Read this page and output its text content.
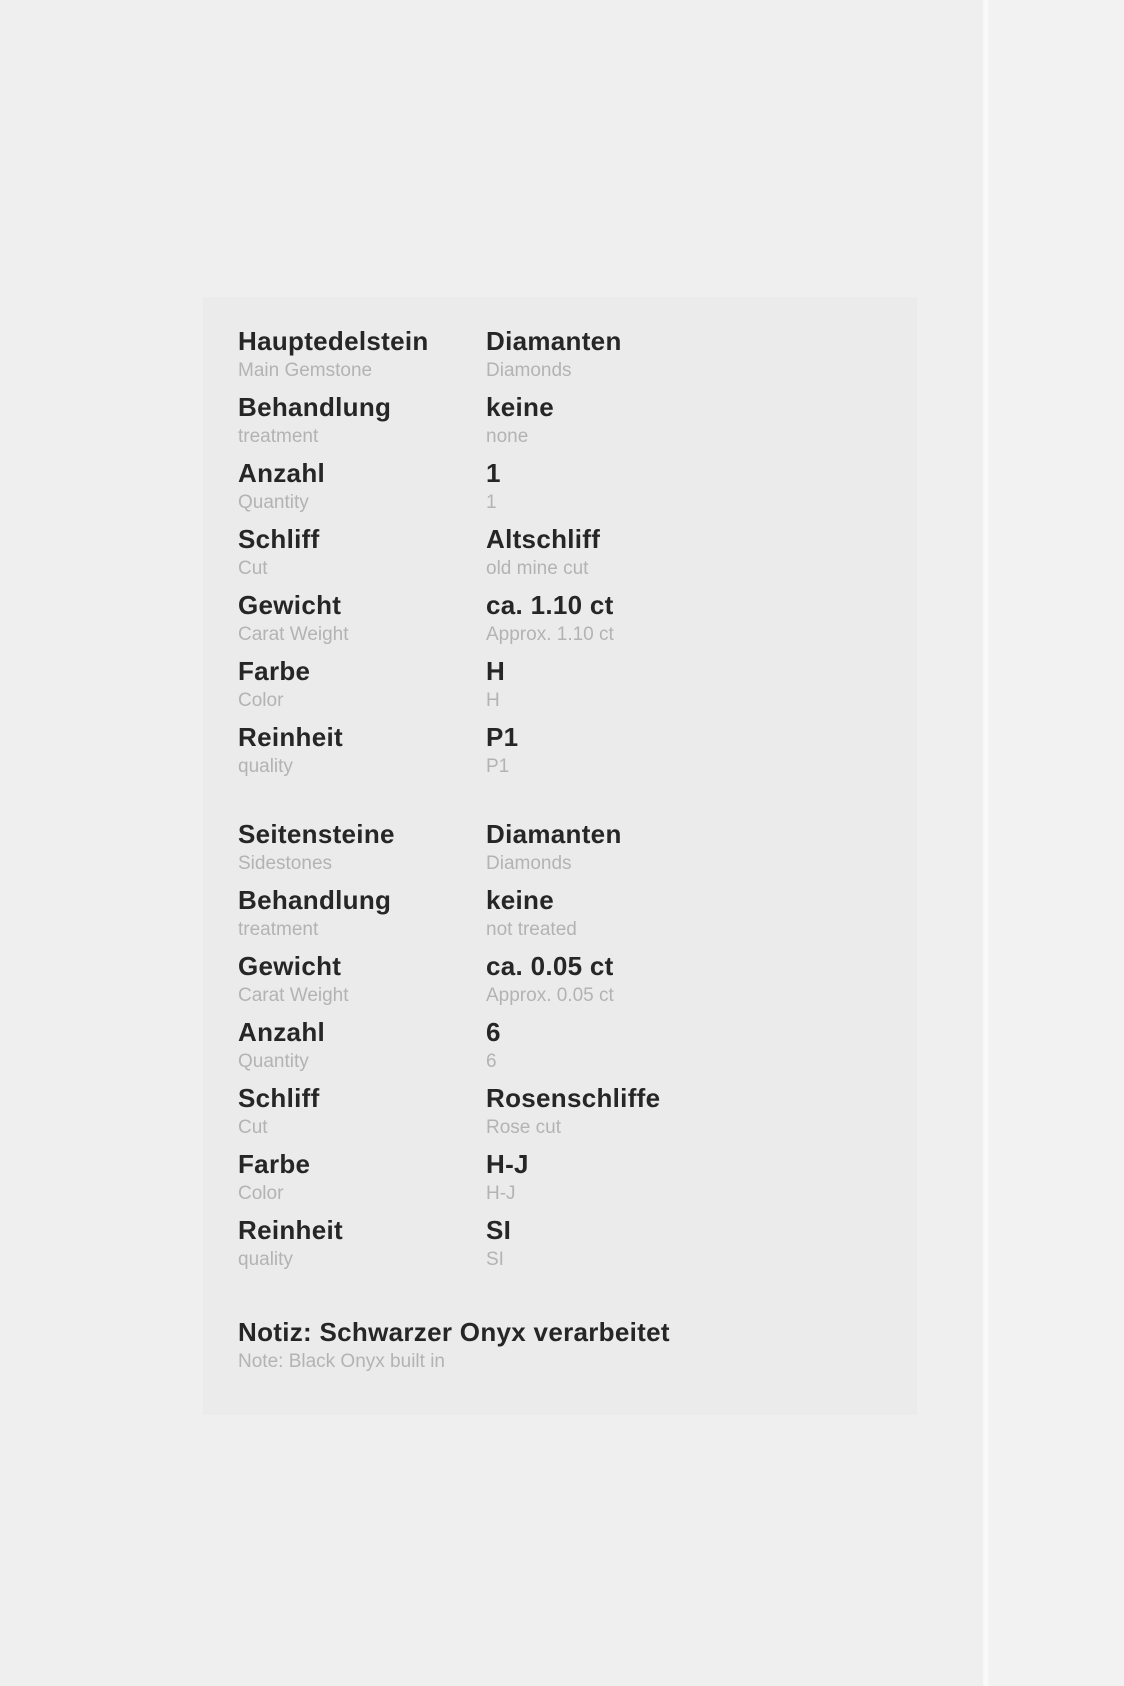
Hauptedelstein
Main Gemstone
Diamanten
Diamonds
Behandlung
treatment
keine
none
Anzahl
Quantity
1
1
Schliff
Cut
Altschliff
old mine cut
Gewicht
Carat Weight
ca. 1.10 ct
Approx. 1.10 ct
Farbe
Color
H
H
Reinheit
quality
P1
P1
Seitensteine
Sidestones
Diamanten
Diamonds
Behandlung
treatment
keine
not treated
Gewicht
Carat Weight
ca. 0.05 ct
Approx. 0.05 ct
Anzahl
Quantity
6
6
Schliff
Cut
Rosenschliffe
Rose cut
Farbe
Color
H-J
H-J
Reinheit
quality
SI
SI
Notiz: Schwarzer Onyx verarbeitet
Note: Black Onyx built in
